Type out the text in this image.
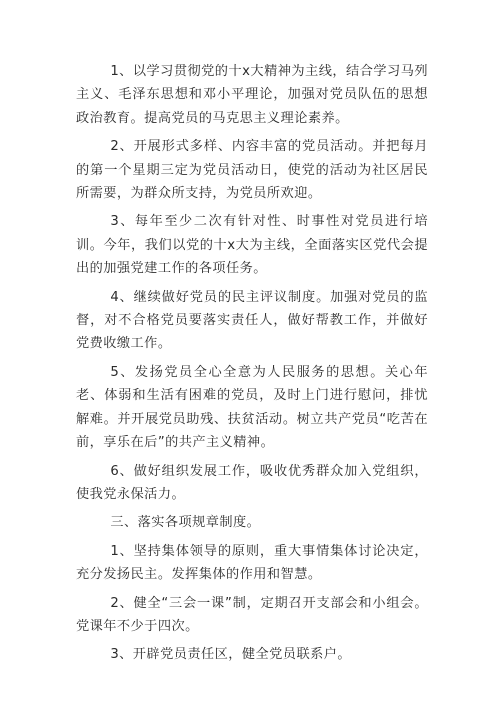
1、以学习贯彻党的十x大精神为主线，结合学习马列主义、毛泽东思想和邓小平理论，加强对党员队伍的思想政治教育。提高党员的马克思主义理论素养。

2、开展形式多样、内容丰富的党员活动。并把每月的第一个星期三定为党员活动日，使党的活动为社区居民所需要，为群众所支持，为党员所欢迎。

3、每年至少二次有针对性、时事性对党员进行培训。今年，我们以党的十x大为主线，全面落实区党代会提出的加强党建工作的各项任务。

4、继续做好党员的民主评议制度。加强对党员的监督，对不合格党员要落实责任人，做好帮教工作，并做好党费收缴工作。

5、发扬党员全心全意为人民服务的思想。关心年老、体弱和生活有困难的党员，及时上门进行慰问，排忧解难。并开展党员助残、扶贫活动。树立共产党员“吃苦在前，享乐在后”的共产主义精神。

6、做好组织发展工作，吸收优秀群众加入党组织，使我党永保活力。

三、落实各项规章制度。

1、坚持集体领导的原则，重大事情集体讨论决定，充分发扬民主。发挥集体的作用和智慧。

2、健全“三会一课”制，定期召开支部会和小组会。党课年不少于四次。

3、开辟党员责任区，健全党员联系户。
